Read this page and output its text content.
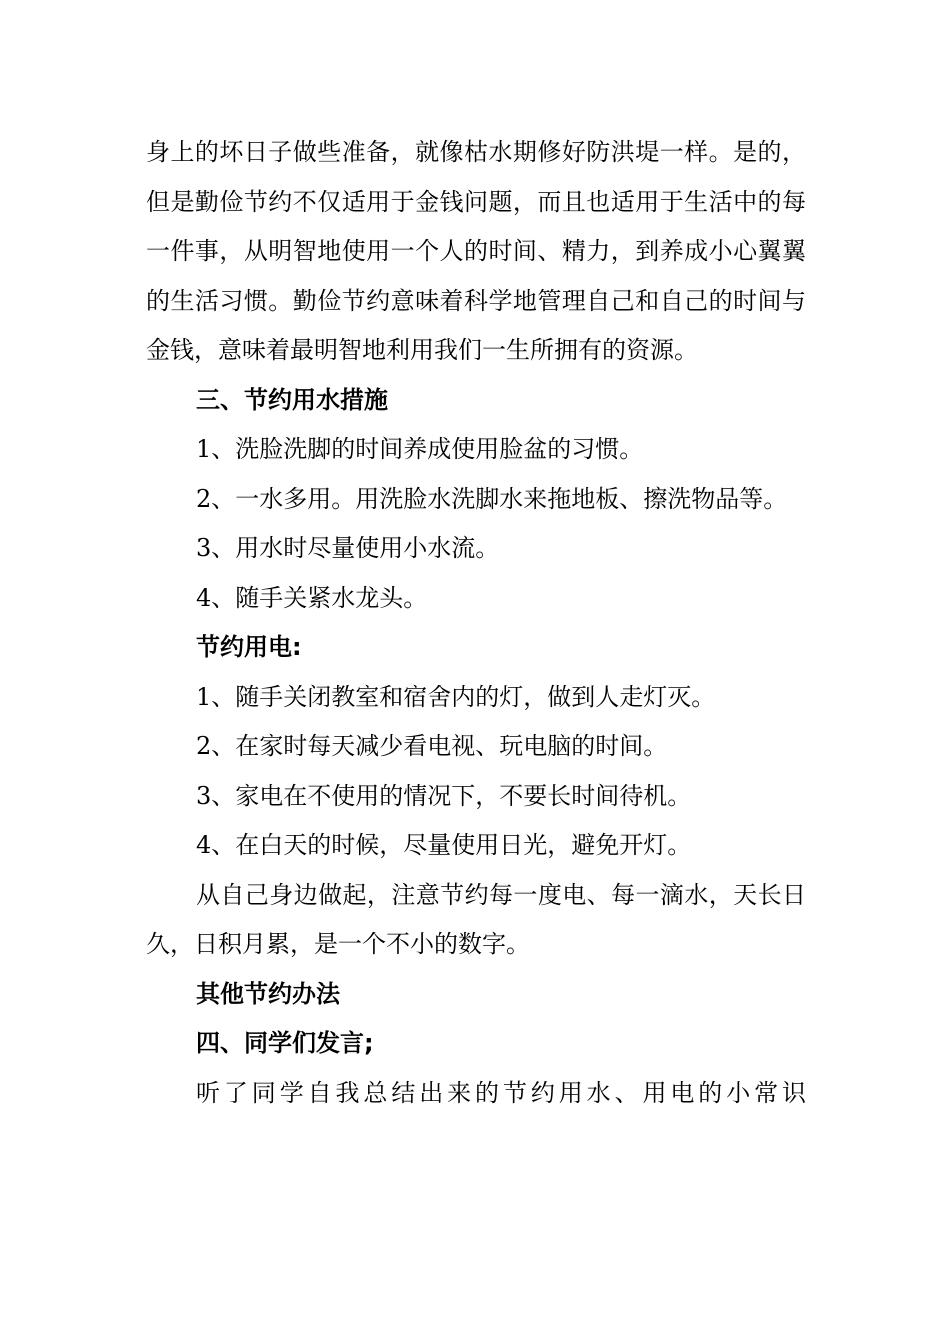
身上的坏日子做些准备，就像枯水期修好防洪堤一样。是的，但是勤俭节约不仅适用于金钱问题，而且也适用于生活中的每一件事，从明智地使用一个人的时间、精力，到养成小心翼翼的生活习惯。勤俭节约意味着科学地管理自己和自己的时间与金钱，意味着最明智地利用我们一生所拥有的资源。

三、节约用水措施

1、洗脸洗脚的时间养成使用脸盆的习惯。

2、一水多用。用洗脸水洗脚水来拖地板、擦洗物品等。

3、用水时尽量使用小水流。

4、随手关紧水龙头。

节约用电:

1、随手关闭教室和宿舍内的灯，做到人走灯灭。

2、在家时每天减少看电视、玩电脑的时间。

3、家电在不使用的情况下，不要长时间待机。

4、在白天的时候，尽量使用日光，避免开灯。

从自己身边做起，注意节约每一度电、每一滴水，天长日久，日积月累，是一个不小的数字。

其他节约办法

四、同学们发言;

听了同学自我总结出来的节约用水、用电的小常识
